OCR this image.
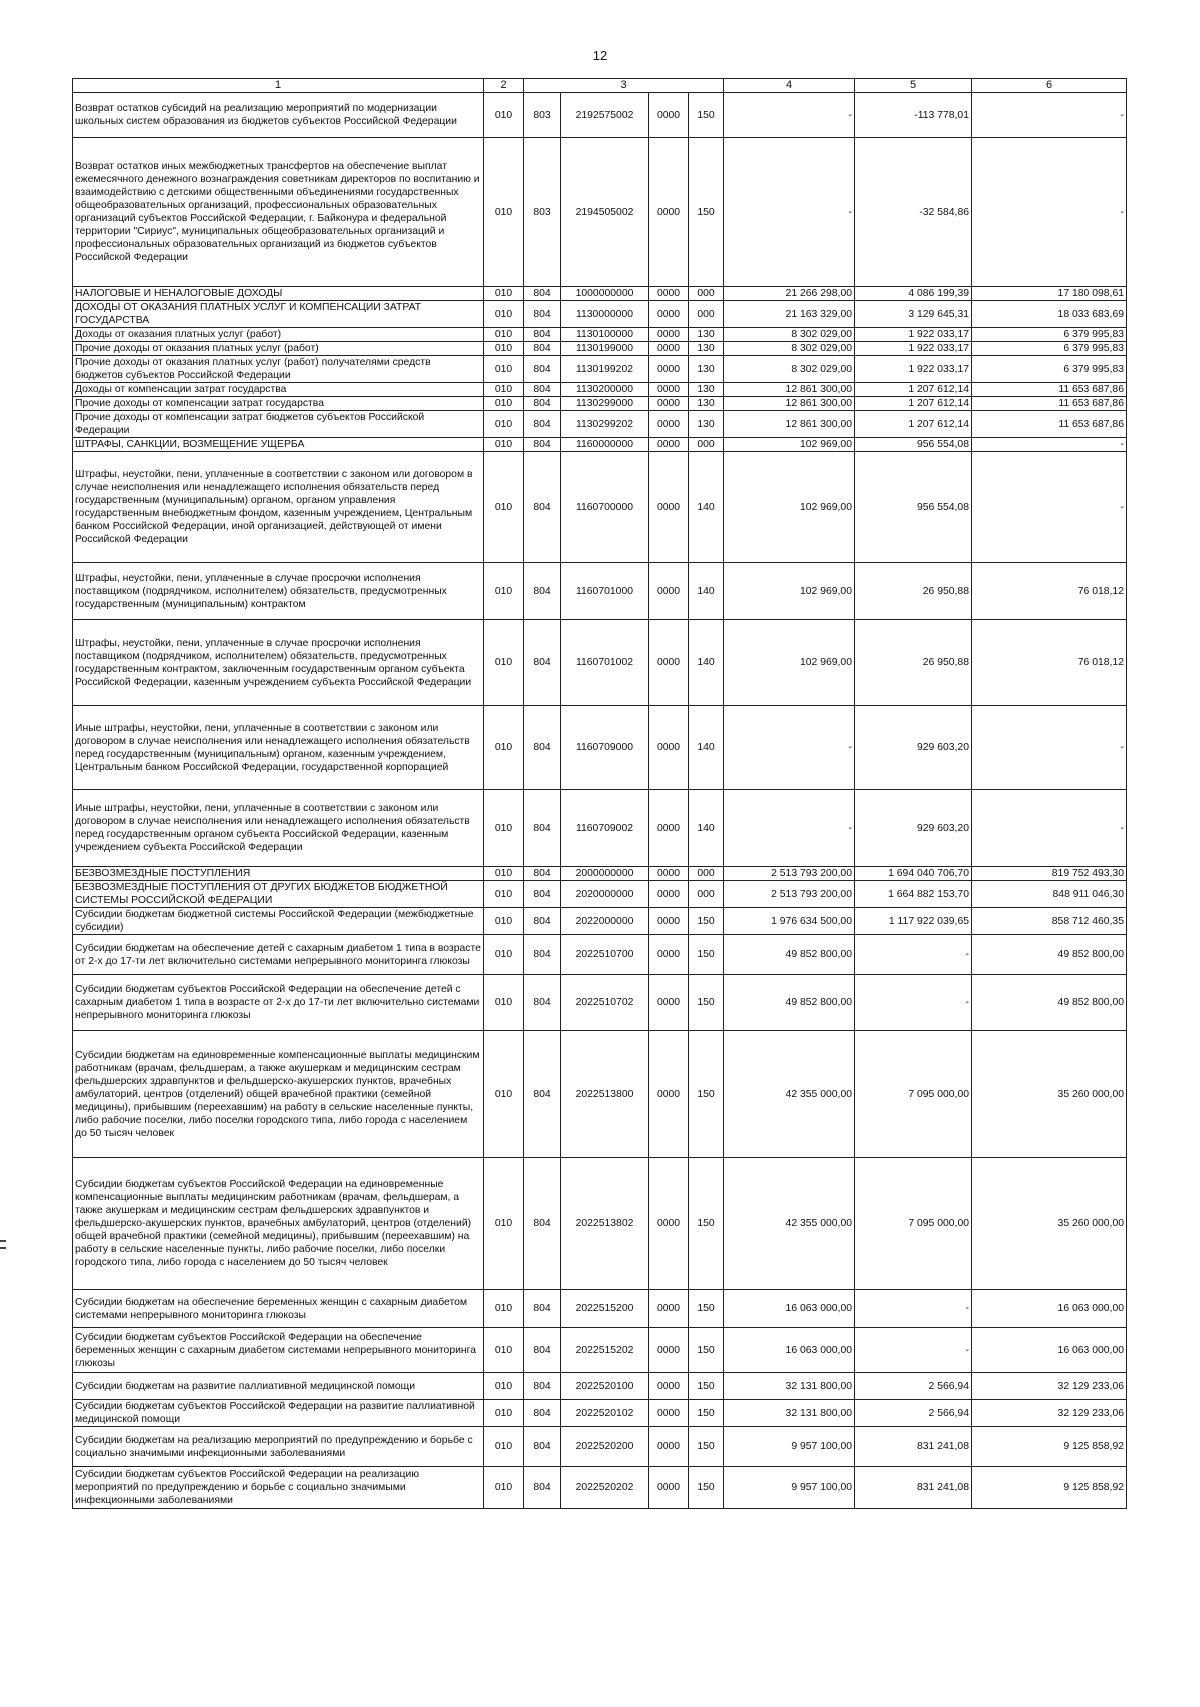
12
1	2	3				4	5	6
Возврат остатков субсидий на реализацию мероприятий по модернизации школьных систем образования из бюджетов субъектов Российской Федерации	010	803	2192575002	0000	150	-	-113 778,01	-
Возврат остатков иных межбюджетных трансфертов на обеспечение выплат ежемесячного денежного вознаграждения советникам директоров по воспитанию и взаимодействию с детскими общественными объединениями государственных общеобразовательных организаций, профессиональных образовательных организаций субъектов Российской Федерации, г. Байконура и федеральной территории "Сириус", муниципальных общеобразовательных организаций и профессиональных образовательных организаций из бюджетов субъектов Российской Федерации	010	803	2194505002	0000	150	-	-32 584,86	-
НАЛОГОВЫЕ И НЕНАЛОГОВЫЕ ДОХОДЫ	010	804	1000000000	0000	000	21 266 298,00	4 086 199,39	17 180 098,61
ДОХОДЫ ОТ ОКАЗАНИЯ ПЛАТНЫХ УСЛУГ И КОМПЕНСАЦИИ ЗАТРАТ ГОСУДАРСТВА	010	804	1130000000	0000	000	21 163 329,00	3 129 645,31	18 033 683,69
Доходы от оказания платных услуг (работ)	010	804	1130100000	0000	130	8 302 029,00	1 922 033,17	6 379 995,83
Прочие доходы от оказания платных услуг (работ)	010	804	1130199000	0000	130	8 302 029,00	1 922 033,17	6 379 995,83
Прочие доходы от оказания платных услуг (работ) получателями средств бюджетов субъектов Российской Федерации	010	804	1130199202	0000	130	8 302 029,00	1 922 033,17	6 379 995,83
Доходы от компенсации затрат государства	010	804	1130200000	0000	130	12 861 300,00	1 207 612,14	11 653 687,86
Прочие доходы от компенсации затрат государства	010	804	1130299000	0000	130	12 861 300,00	1 207 612,14	11 653 687,86
Прочие доходы от компенсации затрат бюджетов субъектов Российской Федерации	010	804	1130299202	0000	130	12 861 300,00	1 207 612,14	11 653 687,86
ШТРАФЫ, САНКЦИИ, ВОЗМЕЩЕНИЕ УЩЕРБА	010	804	1160000000	0000	000	102 969,00	956 554,08	-
Штрафы, неустойки, пени, уплаченные в соответствии с законом или договором в случае неисполнения или ненадлежащего исполнения обязательств перед государственным (муниципальным) органом, органом управления государственным внебюджетным фондом, казенным учреждением, Центральным банком Российской Федерации, иной организацией, действующей от имени Российской Федерации	010	804	1160700000	0000	140	102 969,00	956 554,08	-
Штрафы, неустойки, пени, уплаченные в случае просрочки исполнения поставщиком (подрядчиком, исполнителем) обязательств, предусмотренных государственным (муниципальным) контрактом	010	804	1160701000	0000	140	102 969,00	26 950,88	76 018,12
Штрафы, неустойки, пени, уплаченные в случае просрочки исполнения поставщиком (подрядчиком, исполнителем) обязательств, предусмотренных государственным контрактом, заключенным государственным органом субъекта Российской Федерации, казенным учреждением субъекта Российской Федерации	010	804	1160701002	0000	140	102 969,00	26 950,88	76 018,12
Иные штрафы, неустойки, пени, уплаченные в соответствии с законом или договором в случае неисполнения или ненадлежащего исполнения обязательств перед государственным (муниципальным) органом, казенным учреждением, Центральным банком Российской Федерации, государственной корпорацией	010	804	1160709000	0000	140	-	929 603,20	-
Иные штрафы, неустойки, пени, уплаченные в соответствии с законом или договором в случае неисполнения или ненадлежащего исполнения обязательств перед государственным органом субъекта Российской Федерации, казенным учреждением субъекта Российской Федерации	010	804	1160709002	0000	140	-	929 603,20	-
БЕЗВОЗМЕЗДНЫЕ ПОСТУПЛЕНИЯ	010	804	2000000000	0000	000	2 513 793 200,00	1 694 040 706,70	819 752 493,30
БЕЗВОЗМЕЗДНЫЕ ПОСТУПЛЕНИЯ ОТ ДРУГИХ БЮДЖЕТОВ БЮДЖЕТНОЙ СИСТЕМЫ РОССИЙСКОЙ ФЕДЕРАЦИИ	010	804	2020000000	0000	000	2 513 793 200,00	1 664 882 153,70	848 911 046,30
Субсидии бюджетам бюджетной системы Российской Федерации (межбюджетные субсидии)	010	804	2022000000	0000	150	1 976 634 500,00	1 117 922 039,65	858 712 460,35
Субсидии бюджетам на обеспечение детей с сахарным диабетом 1 типа в возрасте от 2-х до 17-ти лет включительно системами непрерывного мониторинга глюкозы	010	804	2022510700	0000	150	49 852 800,00	-	49 852 800,00
Субсидии бюджетам субъектов Российской Федерации на обеспечение детей с сахарным диабетом 1 типа в возрасте от 2-х до 17-ти лет включительно системами непрерывного мониторинга глюкозы	010	804	2022510702	0000	150	49 852 800,00	-	49 852 800,00
Субсидии бюджетам на единовременные компенсационные выплаты медицинским работникам (врачам, фельдшерам, а также акушеркам и медицинским сестрам фельдшерских здравпунктов и фельдшерско-акушерских пунктов, врачебных амбулаторий, центров (отделений) общей врачебной практики (семейной медицины), прибывшим (переехавшим) на работу в сельские населенные пункты, либо рабочие поселки, либо поселки городского типа, либо города с населением до 50 тысяч человек	010	804	2022513800	0000	150	42 355 000,00	7 095 000,00	35 260 000,00
Субсидии бюджетам субъектов Российской Федерации на единовременные компенсационные выплаты медицинским работникам (врачам, фельдшерам, а также акушеркам и медицинским сестрам фельдшерских здравпунктов и фельдшерско-акушерских пунктов, врачебных амбулаторий, центров (отделений) общей врачебной практики (семейной медицины), прибывшим (переехавшим) на работу в сельские населенные пункты, либо рабочие поселки, либо поселки городского типа, либо города с населением до 50 тысяч человек	010	804	2022513802	0000	150	42 355 000,00	7 095 000,00	35 260 000,00
Субсидии бюджетам на обеспечение беременных женщин с сахарным диабетом системами непрерывного мониторинга глюкозы	010	804	2022515200	0000	150	16 063 000,00	-	16 063 000,00
Субсидии бюджетам субъектов Российской Федерации на обеспечение беременных женщин с сахарным диабетом системами непрерывного мониторинга глюкозы	010	804	2022515202	0000	150	16 063 000,00	-	16 063 000,00
Субсидии бюджетам на развитие паллиативной медицинской помощи	010	804	2022520100	0000	150	32 131 800,00	2 566,94	32 129 233,06
Субсидии бюджетам субъектов Российской Федерации на развитие паллиативной медицинской помощи	010	804	2022520102	0000	150	32 131 800,00	2 566,94	32 129 233,06
Субсидии бюджетам на реализацию мероприятий по предупреждению и борьбе с социально значимыми инфекционными заболеваниями	010	804	2022520200	0000	150	9 957 100,00	831 241,08	9 125 858,92
Субсидии бюджетам субъектов Российской Федерации на реализацию мероприятий по предупреждению и борьбе с социально значимыми инфекционными заболеваниями	010	804	2022520202	0000	150	9 957 100,00	831 241,08	9 125 858,92
